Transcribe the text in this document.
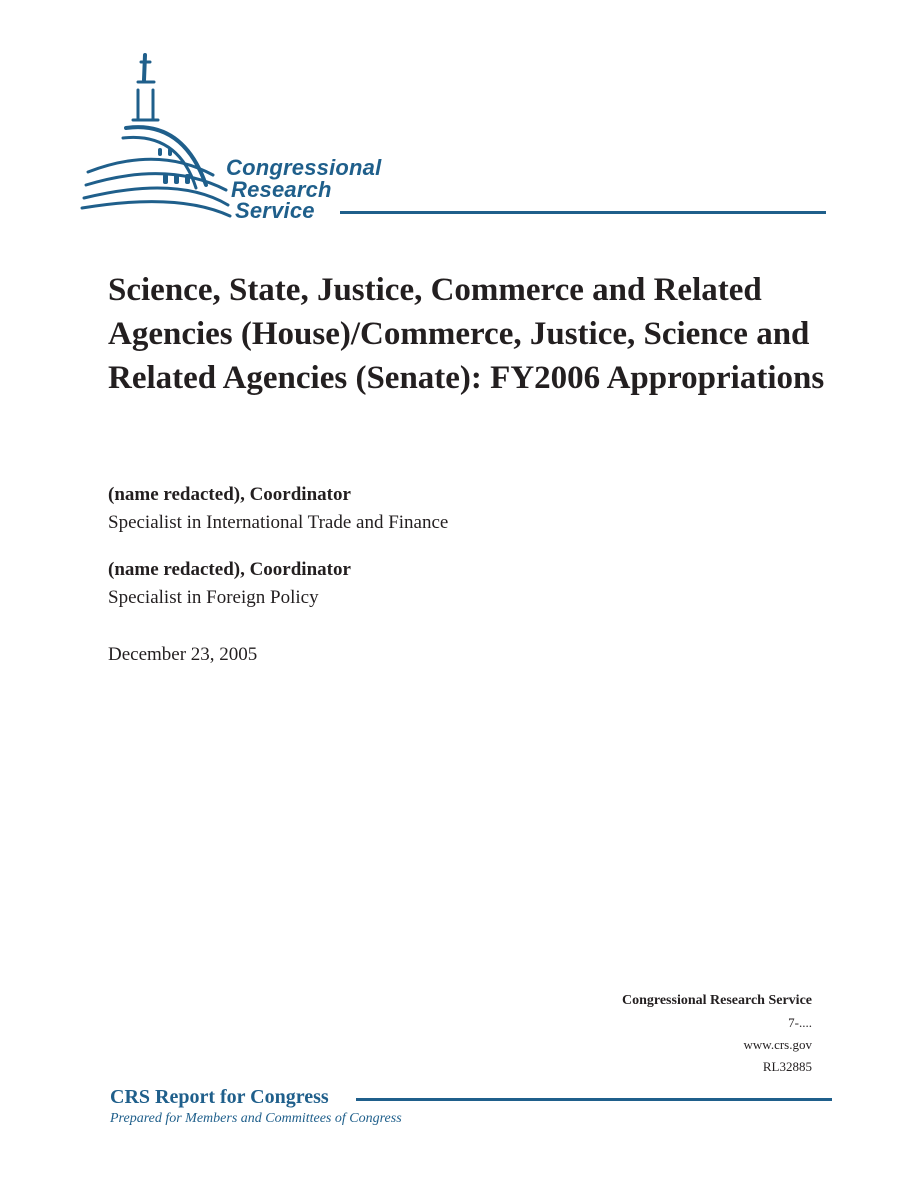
Congressional
Research
Service
Science, State, Justice, Commerce and Related Agencies (House)/Commerce, Justice, Science and Related Agencies (Senate): FY2006 Appropriations
(name redacted), Coordinator
Specialist in International Trade and Finance
(name redacted), Coordinator
Specialist in Foreign Policy
December 23, 2005
Congressional Research Service
7-....
www.crs.gov
RL32885
CRS Report for Congress
Prepared for Members and Committees of Congress
